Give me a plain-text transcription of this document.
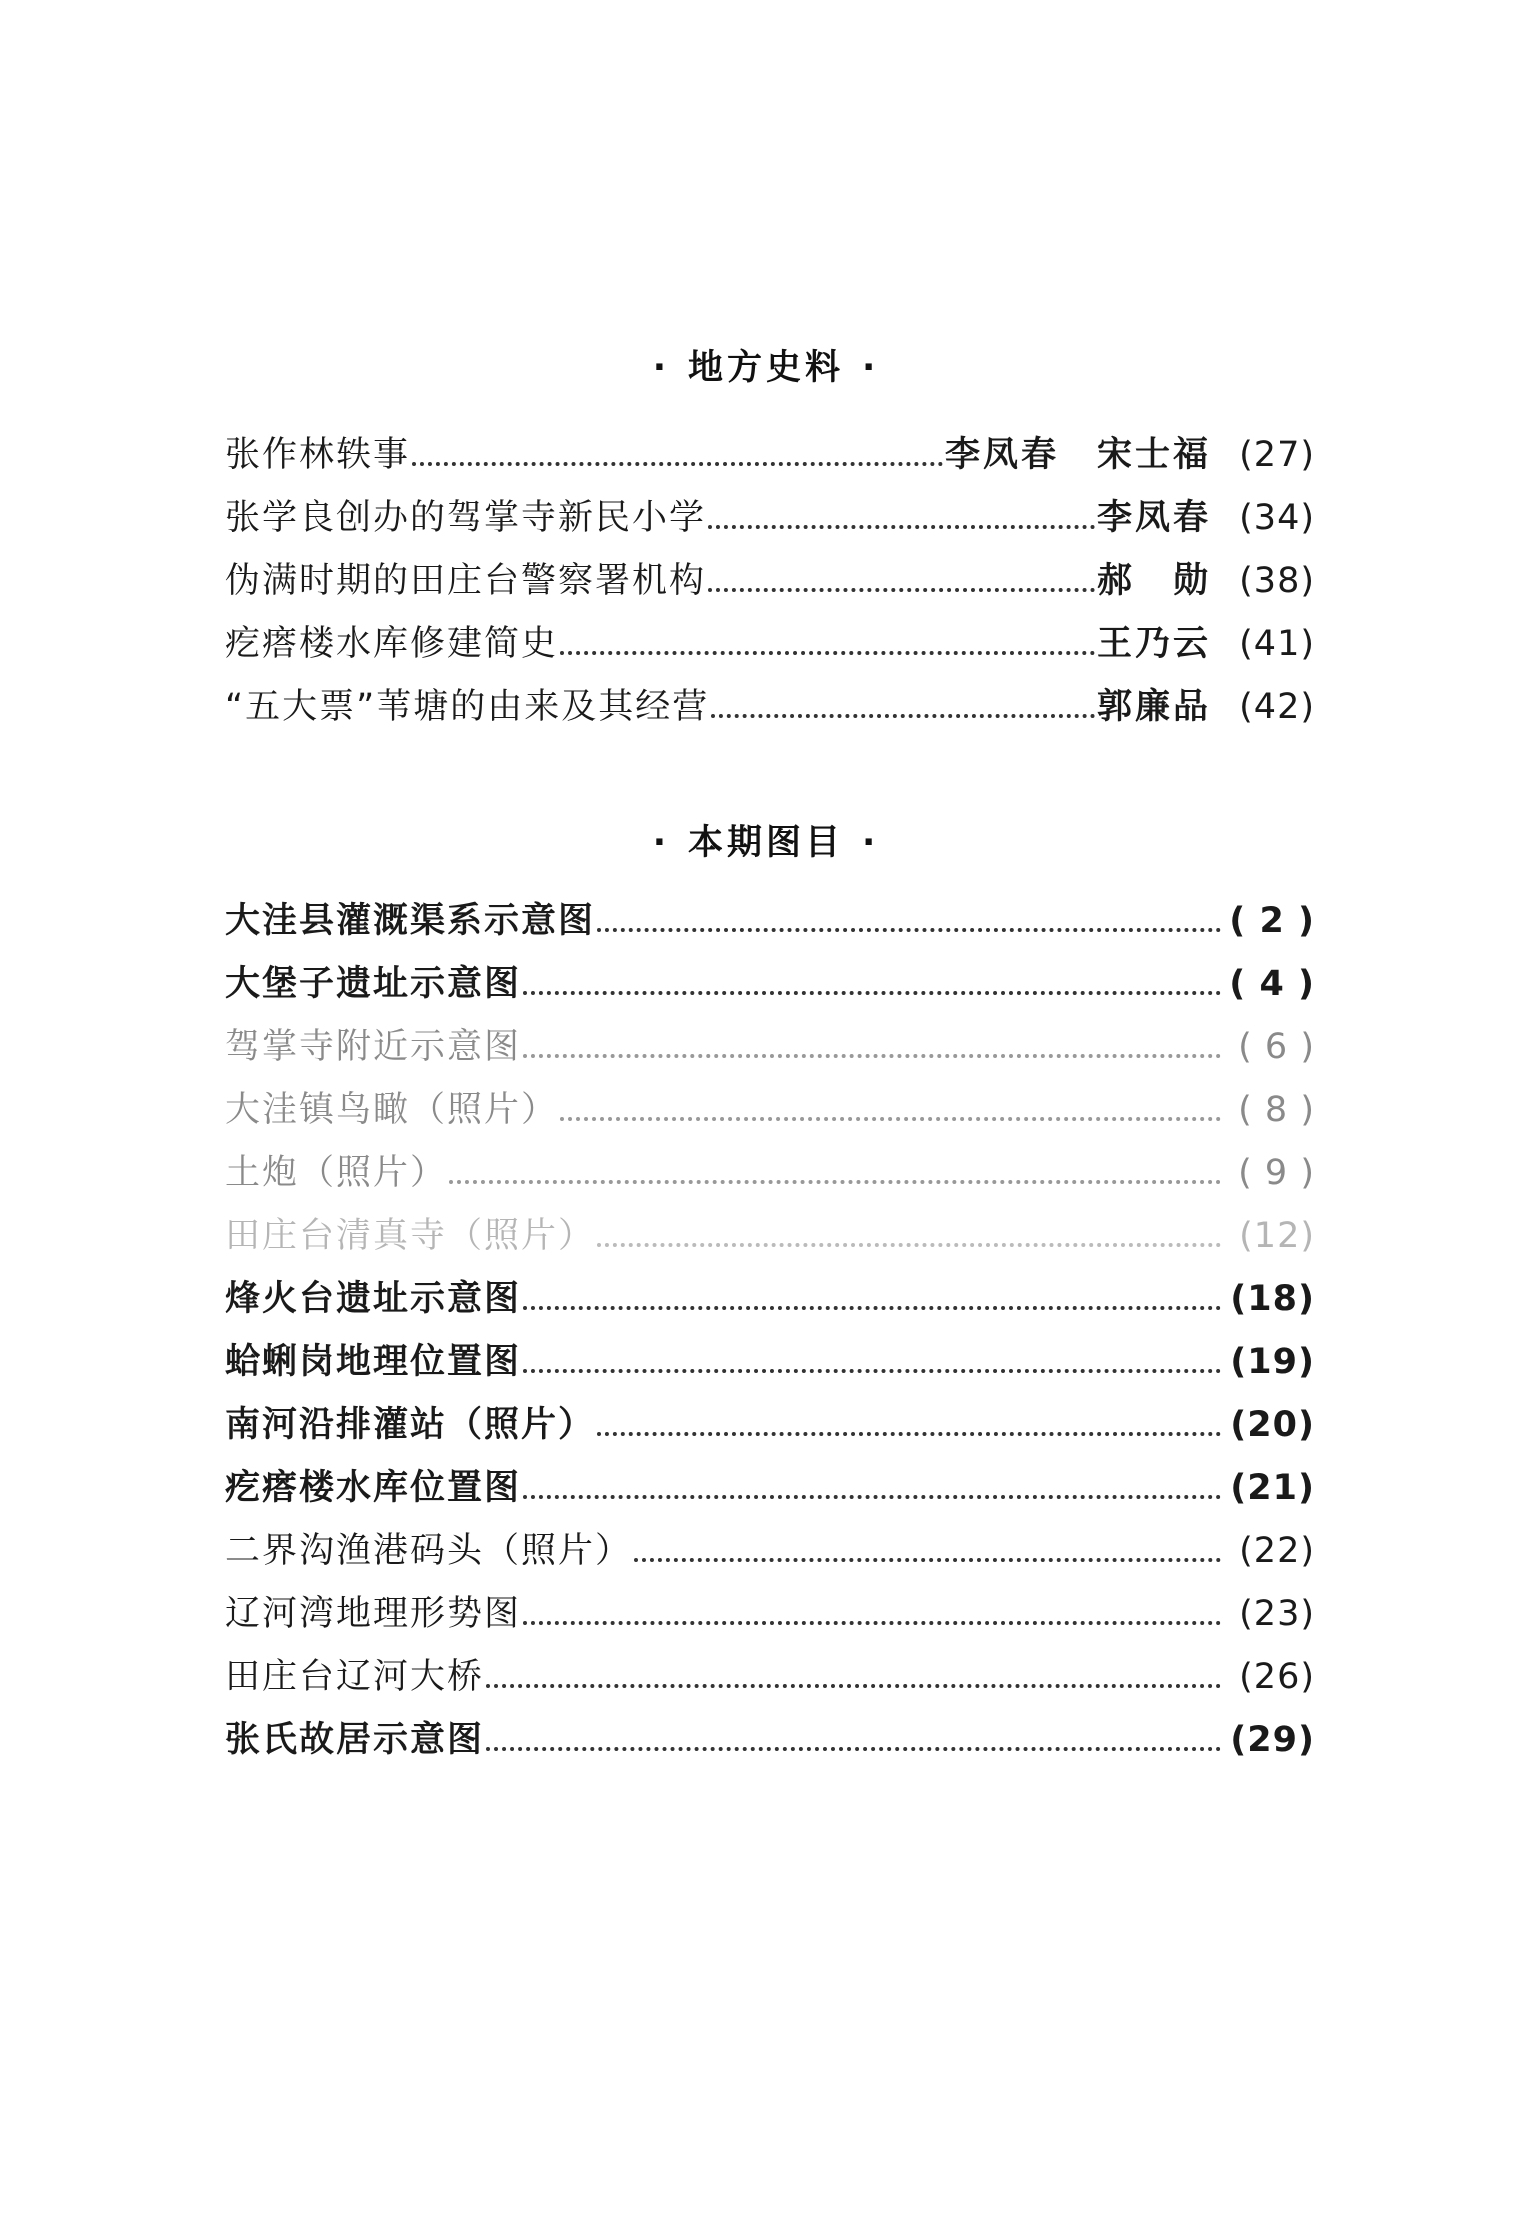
· 地方史料 ·
张作林轶事	李凤春　宋士福 (27)
张学良创办的驾掌寺新民小学	李凤春 (34)
伪满时期的田庄台警察署机构	郝　勋 (38)
疙瘩楼水库修建简史	王乃云 (41)
“五大票”苇塘的由来及其经营	郭廉品 (42)
· 本期图目 ·
大洼县灌溉渠系示意图	( 2 )
大堡子遗址示意图	( 4 )
驾掌寺附近示意图	( 6 )
大洼镇鸟瞰（照片）	( 8 )
土炮（照片）	( 9 )
田庄台清真寺（照片）	(12)
烽火台遗址示意图	(18)
蛤蜊岗地理位置图	(19)
南河沿排灌站（照片）	(20)
疙瘩楼水库位置图	(21)
二界沟渔港码头（照片）	(22)
辽河湾地理形势图	(23)
田庄台辽河大桥	(26)
张氏故居示意图	(29)
